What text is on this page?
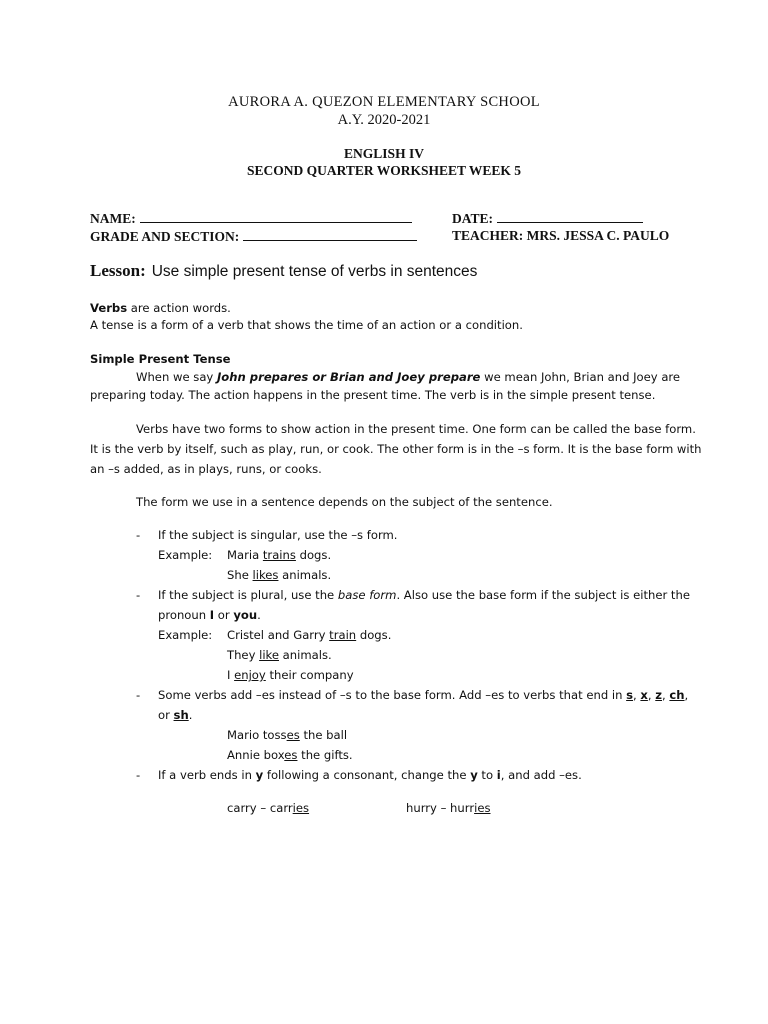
AURORA A. QUEZON ELEMENTARY SCHOOL
A.Y. 2020-2021
ENGLISH IV
SECOND QUARTER WORKSHEET WEEK 5
NAME:	DATE:
GRADE AND SECTION:	TEACHER: MRS. JESSA C. PAULO
Lesson: Use simple present tense of verbs in sentences
Verbs are action words.
A tense is a form of a verb that shows the time of an action or a condition.
Simple Present Tense
When we say John prepares or Brian and Joey prepare we mean John, Brian and Joey are
preparing today. The action happens in the present time. The verb is in the simple present tense.
Verbs have two forms to show action in the present time. One form can be called the base form.
It is the verb by itself, such as play, run, or cook. The other form is in the –s form. It is the base form with
an –s added, as in plays, runs, or cooks.
The form we use in a sentence depends on the subject of the sentence.
- If the subject is singular, use the –s form.
Example: Maria trains dogs.
She likes animals.
- If the subject is plural, use the base form. Also use the base form if the subject is either the
pronoun I or you.
Example: Cristel and Garry train dogs.
They like animals.
I enjoy their company
- Some verbs add –es instead of –s to the base form. Add –es to verbs that end in s, x, z, ch,
or sh.
Mario tosses the ball
Annie boxes the gifts.
- If a verb ends in y following a consonant, change the y to i, and add –es.
carry – carries	hurry – hurries
